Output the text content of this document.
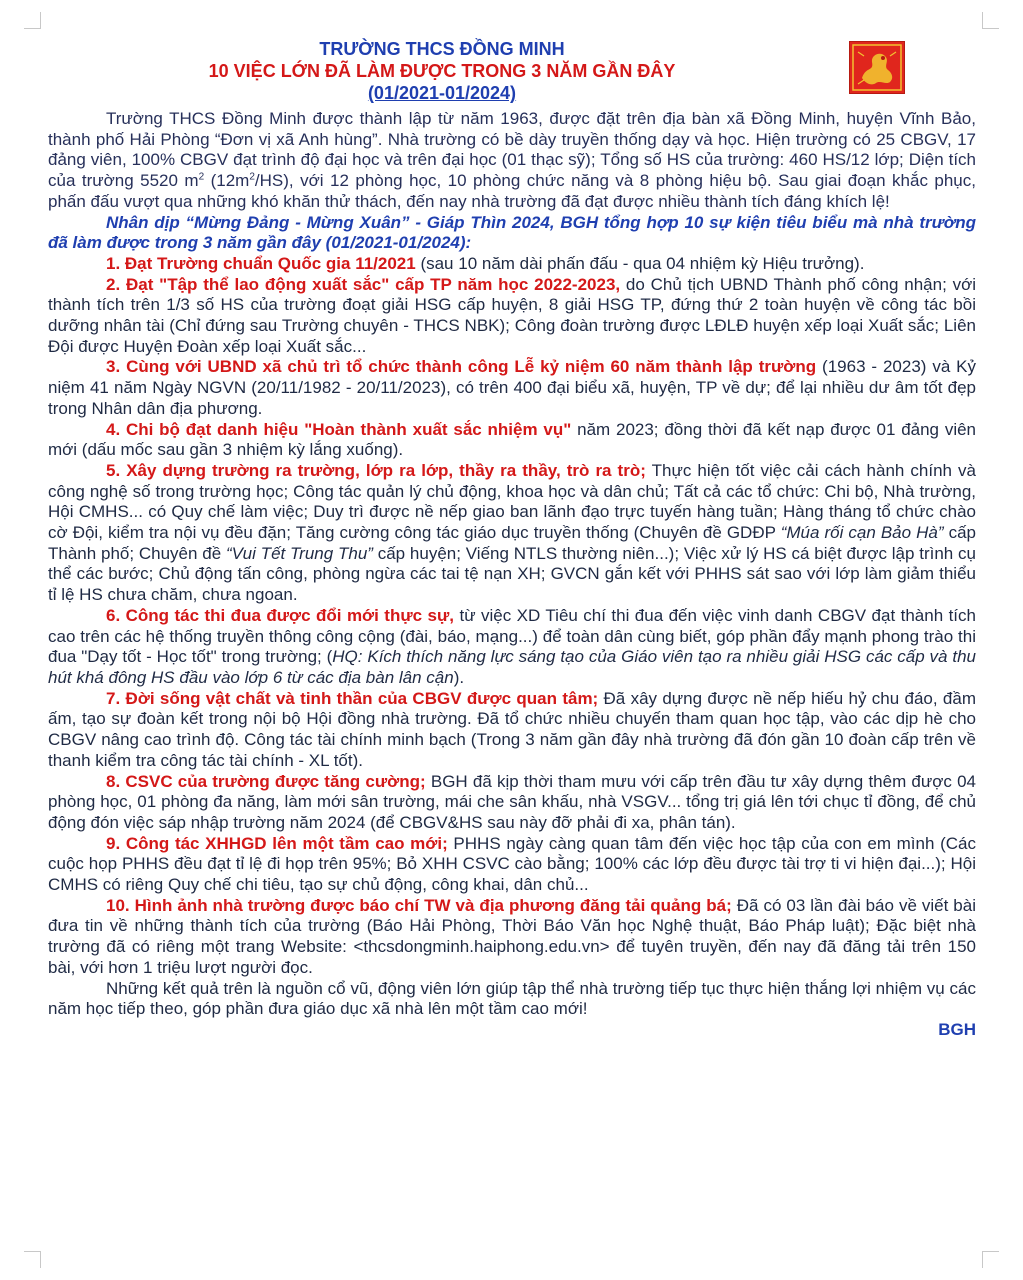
TRƯỜNG THCS ĐỒNG MINH
10 VIỆC LỚN ĐÃ LÀM ĐƯỢC TRONG 3 NĂM GẦN ĐÂY
(01/2021-01/2024)

Trường THCS Đồng Minh được thành lập từ năm 1963, được đặt trên địa bàn xã Đồng Minh, huyện Vĩnh Bảo, thành phố Hải Phòng “Đơn vị xã Anh hùng”. Nhà trường có bề dày truyền thống dạy và học. Hiện trường có 25 CBGV, 17 đảng viên, 100% CBGV đạt trình độ đại học và trên đại học (01 thạc sỹ); Tổng số HS của trường: 460 HS/12 lớp; Diện tích của trường 5520 $m^2$ $(12m^2/HS)$, với 12 phòng học, 10 phòng chức năng và 8 phòng hiệu bộ. Sau giai đoạn khắc phục, phấn đấu vượt qua những khó khăn thử thách, đến nay nhà trường đã đạt được nhiều thành tích đáng khích lệ!

Nhân dịp “Mừng Đảng - Mừng Xuân” - Giáp Thìn 2024, BGH tổng hợp 10 sự kiện tiêu biểu mà nhà trường đã làm được trong 3 năm gần đây (01/2021-01/2024):

1. Đạt Trường chuẩn Quốc gia 11/2021 (sau 10 năm dài phấn đấu - qua 04 nhiệm kỳ Hiệu trưởng).

2. Đạt "Tập thể lao động xuất sắc" cấp TP năm học 2022-2023, do Chủ tịch UBND Thành phố công nhận; với thành tích trên 1/3 số HS của trường đoạt giải HSG cấp huyện, 8 giải HSG TP, đứng thứ 2 toàn huyện về công tác bồi dưỡng nhân tài (Chỉ đứng sau Trường chuyên - THCS NBK); Công đoàn trường được LĐLĐ huyện xếp loại Xuất sắc; Liên Đội được Huyện Đoàn xếp loại Xuất sắc...

3. Cùng với UBND xã chủ trì tổ chức thành công Lễ kỷ niệm 60 năm thành lập trường (1963 - 2023) và Kỷ niệm 41 năm Ngày NGVN (20/11/1982 - 20/11/2023), có trên 400 đại biểu xã, huyện, TP về dự; để lại nhiều dư âm tốt đẹp trong Nhân dân địa phương.

4. Chi bộ đạt danh hiệu "Hoàn thành xuất sắc nhiệm vụ" năm 2023; đồng thời đã kết nạp được 01 đảng viên mới (dấu mốc sau gần 3 nhiệm kỳ lắng xuống).

5. Xây dựng trường ra trường, lớp ra lớp, thầy ra thầy, trò ra trò; Thực hiện tốt việc cải cách hành chính và công nghệ số trong trường học; Công tác quản lý chủ động, khoa học và dân chủ; Tất cả các tổ chức: Chi bộ, Nhà trường, Hội CMHS... có Quy chế làm việc; Duy trì được nề nếp giao ban lãnh đạo trực tuyến hàng tuần; Hàng tháng tổ chức chào cờ Đội, kiểm tra nội vụ đều đặn; Tăng cường công tác giáo dục truyền thống (Chuyên đề GDĐP “Múa rối cạn Bảo Hà” cấp Thành phố; Chuyên đề “Vui Tết Trung Thu” cấp huyện; Viếng NTLS thường niên...); Việc xử lý HS cá biệt được lập trình cụ thể các bước; Chủ động tấn công, phòng ngừa các tai tệ nạn XH; GVCN gắn kết với PHHS sát sao với lớp làm giảm thiểu tỉ lệ HS chưa chăm, chưa ngoan.

6. Công tác thi đua được đổi mới thực sự, từ việc XD Tiêu chí thi đua đến việc vinh danh CBGV đạt thành tích cao trên các hệ thống truyền thông công cộng (đài, báo, mạng...) để toàn dân cùng biết, góp phần đẩy mạnh phong trào thi đua "Dạy tốt - Học tốt" trong trường; (HQ: Kích thích năng lực sáng tạo của Giáo viên tạo ra nhiều giải HSG các cấp và thu hút khá đông HS đầu vào lớp 6 từ các địa bàn lân cận).

7. Đời sống vật chất và tinh thần của CBGV được quan tâm; Đã xây dựng được nề nếp hiếu hỷ chu đáo, đầm ấm, tạo sự đoàn kết trong nội bộ Hội đồng nhà trường. Đã tổ chức nhiều chuyến tham quan học tập, vào các dịp hè cho CBGV nâng cao trình độ. Công tác tài chính minh bạch (Trong 3 năm gần đây nhà trường đã đón gần 10 đoàn cấp trên về thanh kiểm tra công tác tài chính - XL tốt).

8. CSVC của trường được tăng cường; BGH đã kịp thời tham mưu với cấp trên đầu tư xây dựng thêm được 04 phòng học, 01 phòng đa năng, làm mới sân trường, mái che sân khấu, nhà VSGV... tổng trị giá lên tới chục tỉ đồng, để chủ động đón việc sáp nhập trường năm 2024 (để CBGV&HS sau này đỡ phải đi xa, phân tán).

9. Công tác XHHGD lên một tầm cao mới; PHHS ngày càng quan tâm đến việc học tập của con em mình (Các cuộc họp PHHS đều đạt tỉ lệ đi họp trên 95%; Bỏ XHH CSVC cào bằng; 100% các lớp đều được tài trợ ti vi hiện đại...); Hội CMHS có riêng Quy chế chi tiêu, tạo sự chủ động, công khai, dân chủ...

10. Hình ảnh nhà trường được báo chí TW và địa phương đăng tải quảng bá; Đã có 03 lần đài báo về viết bài đưa tin về những thành tích của trường (Báo Hải Phòng, Thời Báo Văn học Nghệ thuật, Báo Pháp luật); Đặc biệt nhà trường đã có riêng một trang Website: <thcsdongminh.haiphong.edu.vn> để tuyên truyền, đến nay đã đăng tải trên 150 bài, với hơn 1 triệu lượt người đọc.

Những kết quả trên là nguồn cổ vũ, động viên lớn giúp tập thể nhà trường tiếp tục thực hiện thắng lợi nhiệm vụ các năm học tiếp theo, góp phần đưa giáo dục xã nhà lên một tầm cao mới!

BGH
